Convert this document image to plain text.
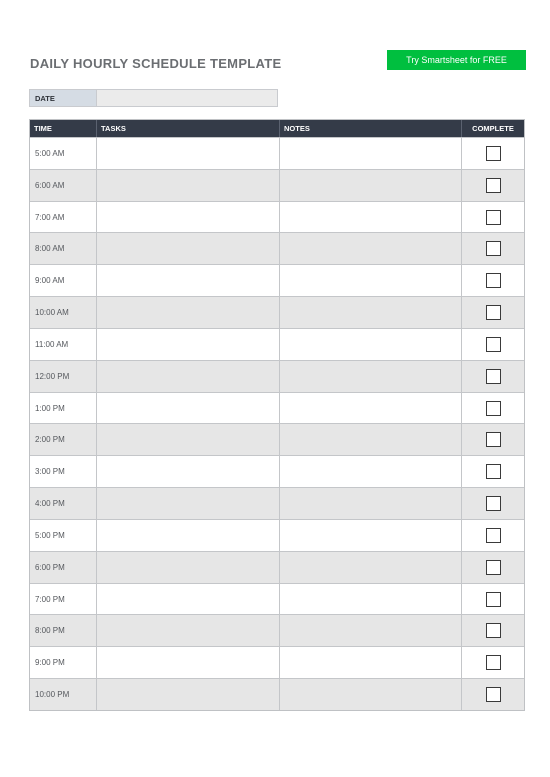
DAILY HOURLY SCHEDULE TEMPLATE	Try Smartsheet for FREE
DATE
TIME	TASKS	NOTES	COMPLETE
5:00 AM
6:00 AM
7:00 AM
8:00 AM
9:00 AM
10:00 AM
11:00 AM
12:00 PM
1:00 PM
2:00 PM
3:00 PM
4:00 PM
5:00 PM
6:00 PM
7:00 PM
8:00 PM
9:00 PM
10:00 PM
